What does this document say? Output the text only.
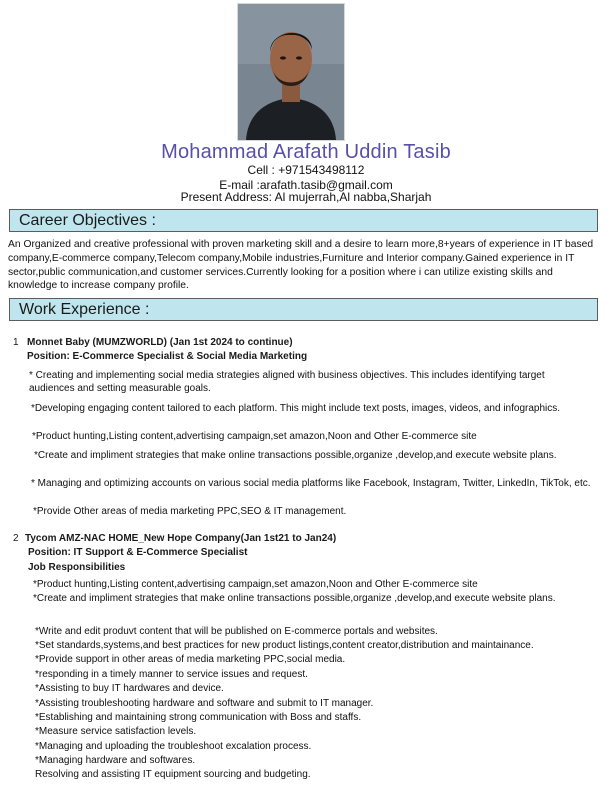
Mohammad Arafath Uddin Tasib
Cell : +971543498112
E-mail :arafath.tasib@gmail.com
Present Address: Al mujerrah,Al nabba,Sharjah
Career Objectives :
An Organized and creative professional with proven marketing skill and a desire to learn more,8+years of experience in IT based company,E-commerce company,Telecom company,Mobile industries,Furniture and Interior company.Gained experience in IT sector,public communication,and customer services.Currently looking for a position where i can utilize existing skills and knowledge to increase company profile.
Work Experience :
1 Monnet Baby (MUMZWORLD) (Jan 1st 2024 to continue)
Position: E-Commerce Specialist & Social Media Marketing
* Creating and implementing social media strategies aligned with business objectives. This includes identifying target audiences and setting measurable goals.
*Developing engaging content tailored to each platform. This might include text posts, images, videos, and infographics.
*Product hunting,Listing content,advertising campaign,set amazon,Noon and Other E-commerce site
*Create and impliment strategies that make online transactions possible,organize ,develop,and execute website plans.
* Managing and optimizing accounts on various social media platforms like Facebook, Instagram, Twitter, LinkedIn, TikTok, etc.
*Provide Other areas of media marketing PPC,SEO & IT management.
2 Tycom AMZ-NAC HOME_New Hope Company(Jan 1st21 to Jan24)
Position: IT Support & E-Commerce Specialist
Job Responsibilities
*Product hunting,Listing content,advertising campaign,set amazon,Noon and Other E-commerce site
*Create and impliment strategies that make online transactions possible,organize ,develop,and execute website plans.
*Write and edit produvt content that will be published on E-commerce portals and websites.
*Set standards,systems,and best practices for new product listings,content creator,distribution and maintainance.
*Provide support in other areas of media marketing PPC,social media.
*responding in a timely manner to service issues and request.
*Assisting to buy IT hardwares and device.
*Assisting troubleshooting hardware and software and submit to IT manager.
*Establishing and maintaining strong communication with Boss and staffs.
*Measure service satisfaction levels.
*Managing and uploading the troubleshoot excalation process.
*Managing hardware and softwares.
Resolving and assisting IT equipment sourcing and budgeting.
